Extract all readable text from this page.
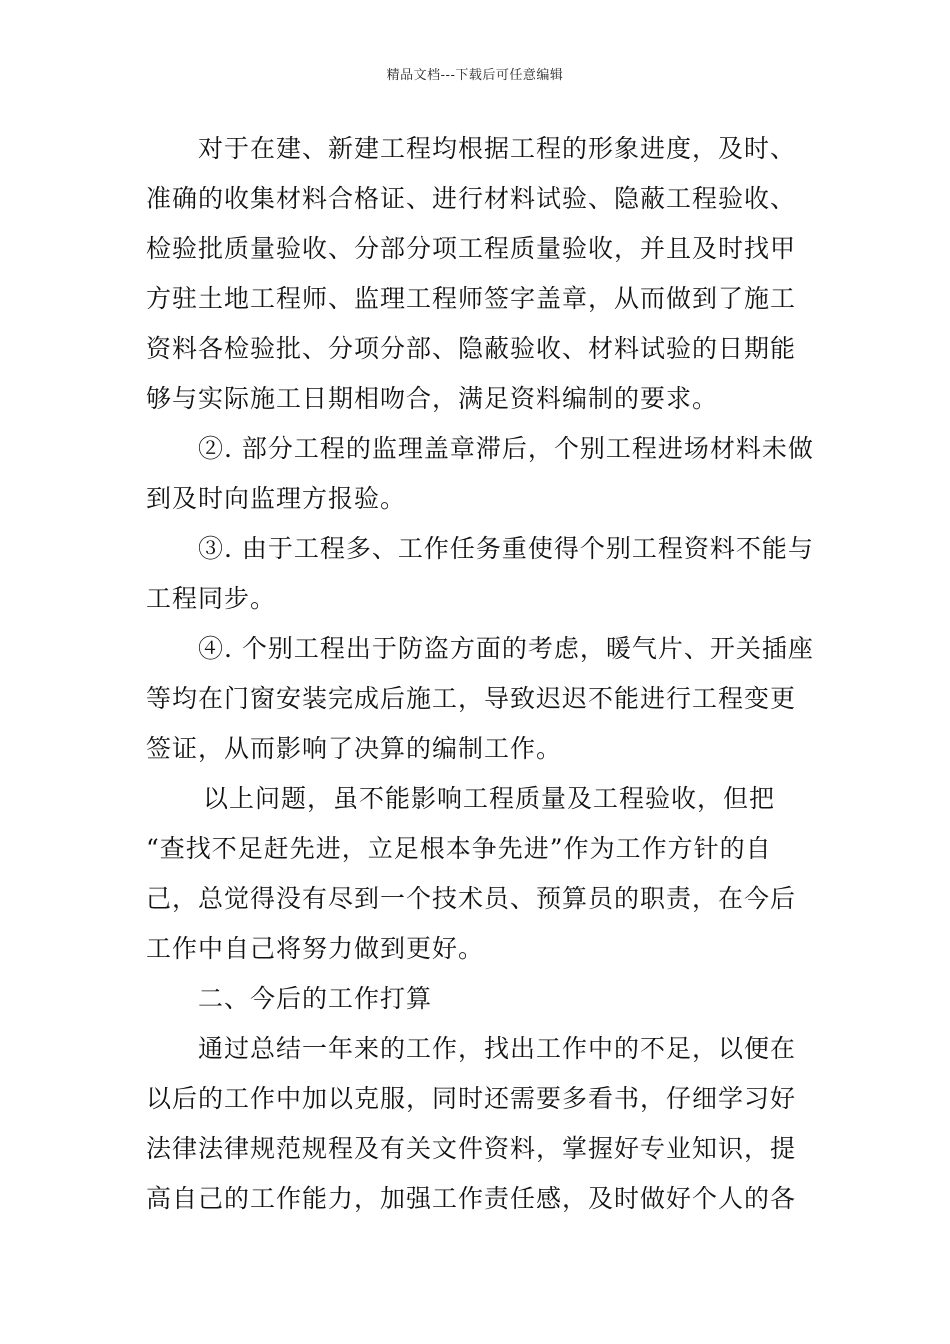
精品文档---下载后可任意编辑
对于在建、新建工程均根据工程的形象进度，及时、
准确的收集材料合格证、进行材料试验、隐蔽工程验收、
检验批质量验收、分部分项工程质量验收，并且及时找甲
方驻土地工程师、监理工程师签字盖章，从而做到了施工
资料各检验批、分项分部、隐蔽验收、材料试验的日期能
够与实际施工日期相吻合，满足资料编制的要求。
②. 部分工程的监理盖章滞后，个别工程进场材料未做
到及时向监理方报验。
③. 由于工程多、工作任务重使得个别工程资料不能与
工程同步。
④. 个别工程出于防盗方面的考虑，暖气片、开关插座
等均在门窗安装完成后施工，导致迟迟不能进行工程变更
签证，从而影响了决算的编制工作。
以上问题，虽不能影响工程质量及工程验收，但把
“查找不足赶先进，立足根本争先进”作为工作方针的自
己，总觉得没有尽到一个技术员、预算员的职责，在今后
工作中自己将努力做到更好。
二、今后的工作打算
通过总结一年来的工作，找出工作中的不足，以便在
以后的工作中加以克服，同时还需要多看书，仔细学习好
法律法律规范规程及有关文件资料，掌握好专业知识，提
高自己的工作能力，加强工作责任感，及时做好个人的各
